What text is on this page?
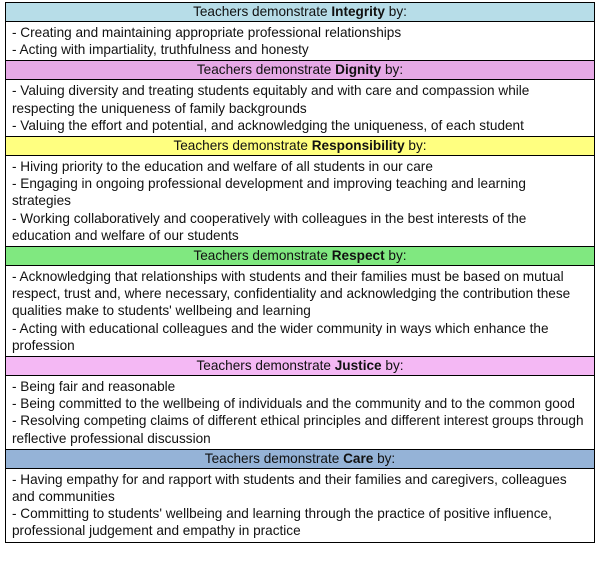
Teachers demonstrate Integrity by:
- Creating and maintaining appropriate professional relationships
- Acting with impartiality, truthfulness and honesty
Teachers demonstrate Dignity by:
- Valuing diversity and treating students equitably and with care and compassion while respecting the uniqueness of family backgrounds
- Valuing the effort and potential, and acknowledging the uniqueness, of each student
Teachers demonstrate Responsibility by:
- Hiving priority to the education and welfare of all students in our care
- Engaging in ongoing professional development and improving teaching and learning strategies
- Working collaboratively and cooperatively with colleagues in the best interests of the education and welfare of our students
Teachers demonstrate Respect by:
- Acknowledging that relationships with students and their families must be based on mutual respect, trust and, where necessary, confidentiality and acknowledging the contribution these qualities make to students' wellbeing and learning
- Acting with educational colleagues and the wider community in ways which enhance the profession
Teachers demonstrate Justice by:
- Being fair and reasonable
- Being committed to the wellbeing of individuals and the community and to the common good
- Resolving competing claims of different ethical principles and different interest groups through reflective professional discussion
Teachers demonstrate Care by:
- Having empathy for and rapport with students and their families and caregivers, colleagues and communities
- Committing to students' wellbeing and learning through the practice of positive influence, professional judgement and empathy in practice
